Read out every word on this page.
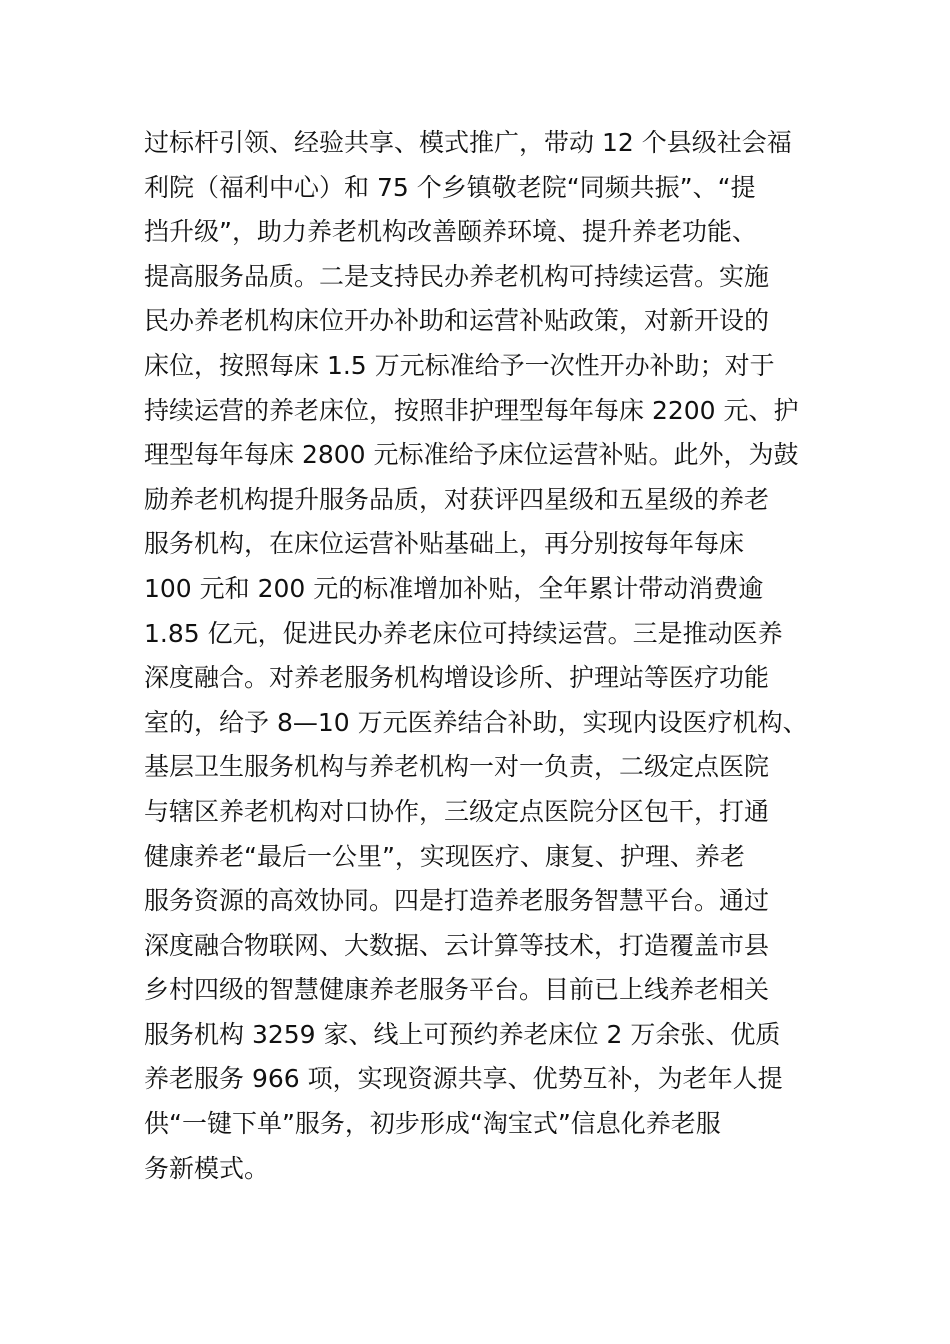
过标杆引领、经验共享、模式推广，带动 12 个县级社会福
利院（福利中心）和 75 个乡镇敬老院“同频共振”、“提
挡升级”，助力养老机构改善颐养环境、提升养老功能、
提高服务品质。二是支持民办养老机构可持续运营。实施
民办养老机构床位开办补助和运营补贴政策，对新开设的
床位，按照每床 1.5 万元标准给予一次性开办补助；对于
持续运营的养老床位，按照非护理型每年每床 2200 元、护
理型每年每床 2800 元标准给予床位运营补贴。此外，为鼓
励养老机构提升服务品质，对获评四星级和五星级的养老
服务机构，在床位运营补贴基础上，再分别按每年每床
100 元和 200 元的标准增加补贴，全年累计带动消费逾
1.85 亿元，促进民办养老床位可持续运营。三是推动医养
深度融合。对养老服务机构增设诊所、护理站等医疗功能
室的，给予 8—10 万元医养结合补助，实现内设医疗机构、
基层卫生服务机构与养老机构一对一负责，二级定点医院
与辖区养老机构对口协作，三级定点医院分区包干，打通
健康养老“最后一公里”，实现医疗、康复、护理、养老
服务资源的高效协同。四是打造养老服务智慧平台。通过
深度融合物联网、大数据、云计算等技术，打造覆盖市县
乡村四级的智慧健康养老服务平台。目前已上线养老相关
服务机构 3259 家、线上可预约养老床位 2 万余张、优质
养老服务 966 项，实现资源共享、优势互补，为老年人提
供“一键下单”服务，初步形成“淘宝式”信息化养老服
务新模式。
